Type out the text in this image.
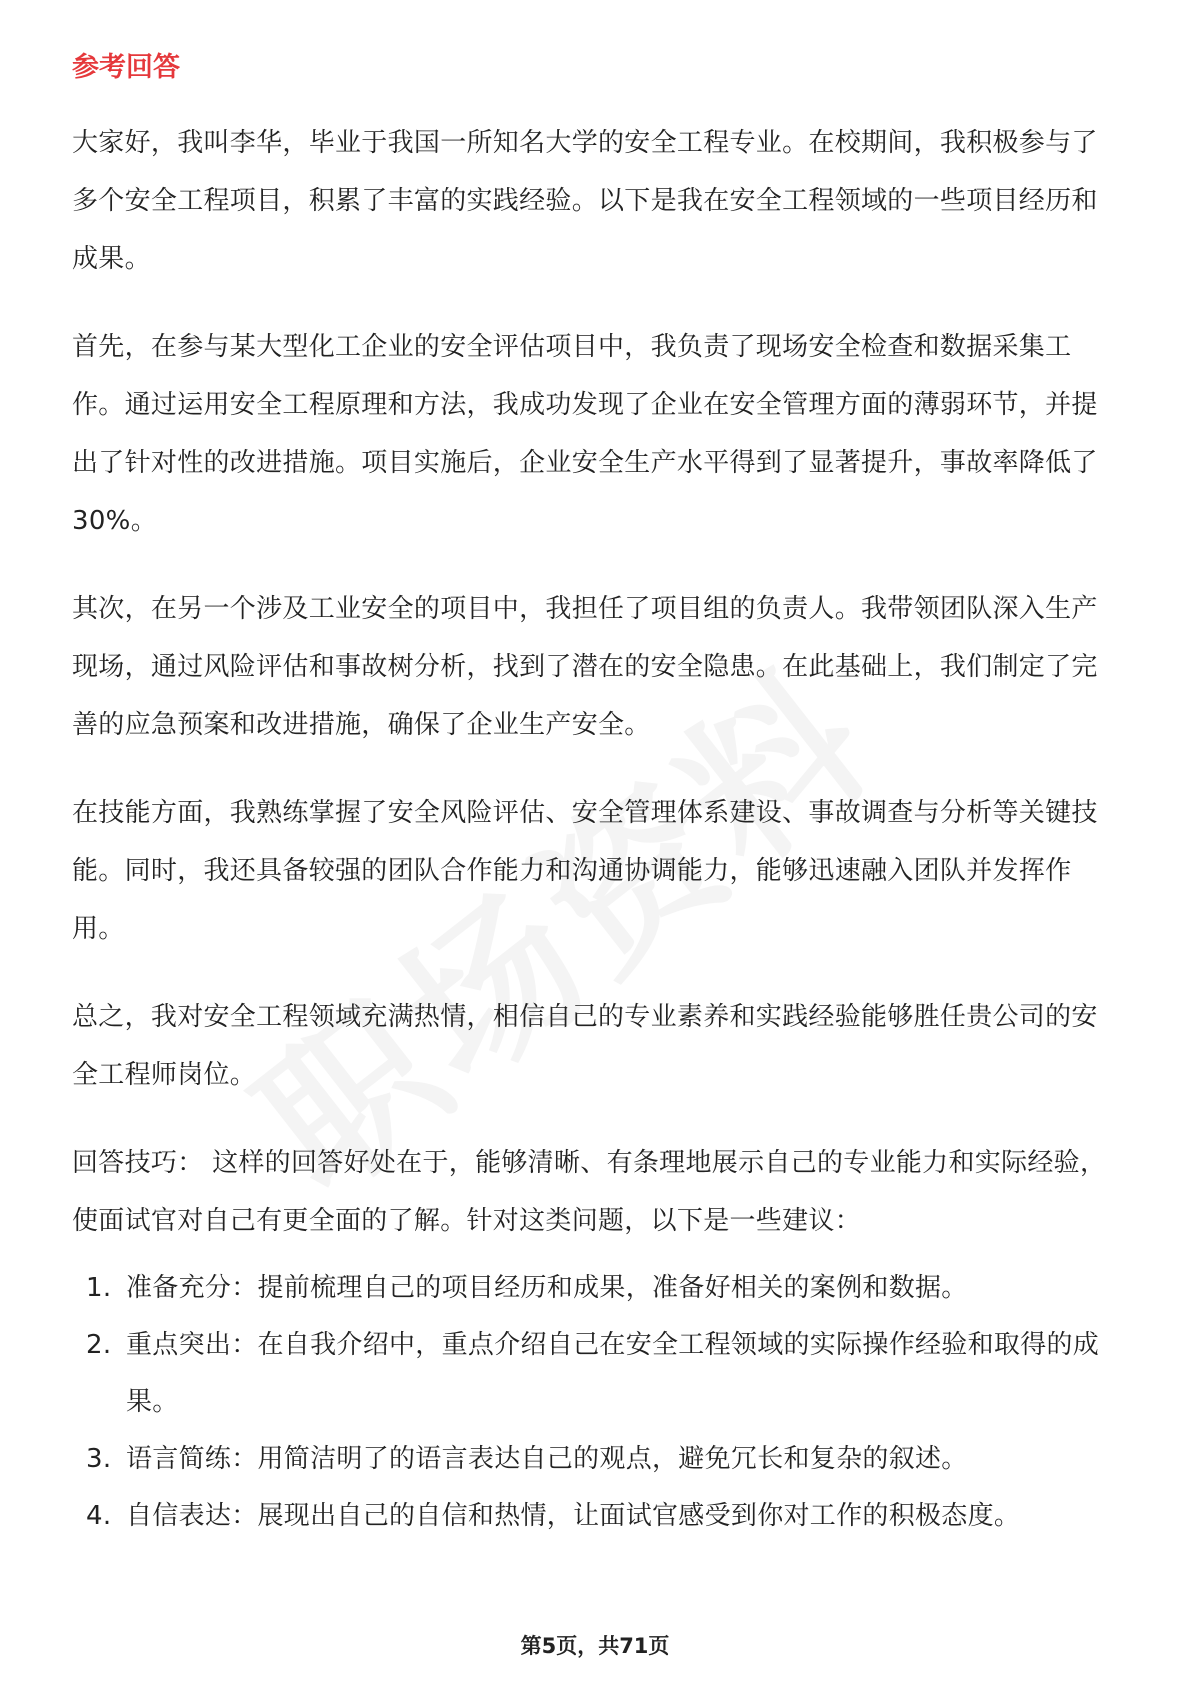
参考回答

大家好，我叫李华，毕业于我国一所知名大学的安全工程专业。在校期间，我积极参与了多个安全工程项目，积累了丰富的实践经验。以下是我在安全工程领域的一些项目经历和成果。

首先，在参与某大型化工企业的安全评估项目中，我负责了现场安全检查和数据采集工作。通过运用安全工程原理和方法，我成功发现了企业在安全管理方面的薄弱环节，并提出了针对性的改进措施。项目实施后，企业安全生产水平得到了显著提升，事故率降低了30%。

其次，在另一个涉及工业安全的项目中，我担任了项目组的负责人。我带领团队深入生产现场，通过风险评估和事故树分析，找到了潜在的安全隐患。在此基础上，我们制定了完善的应急预案和改进措施，确保了企业生产安全。

在技能方面，我熟练掌握了安全风险评估、安全管理体系建设、事故调查与分析等关键技能。同时，我还具备较强的团队合作能力和沟通协调能力，能够迅速融入团队并发挥作用。

总之，我对安全工程领域充满热情，相信自己的专业素养和实践经验能够胜任贵公司的安全工程师岗位。

回答技巧： 这样的回答好处在于，能够清晰、有条理地展示自己的专业能力和实际经验，使面试官对自己有更全面的了解。针对这类问题，以下是一些建议：

1. 准备充分：提前梳理自己的项目经历和成果，准备好相关的案例和数据。
2. 重点突出：在自我介绍中，重点介绍自己在安全工程领域的实际操作经验和取得的成果。
3. 语言简练：用简洁明了的语言表达自己的观点，避免冗长和复杂的叙述。
4. 自信表达：展现出自己的自信和热情，让面试官感受到你对工作的积极态度。
第5页，共71页
